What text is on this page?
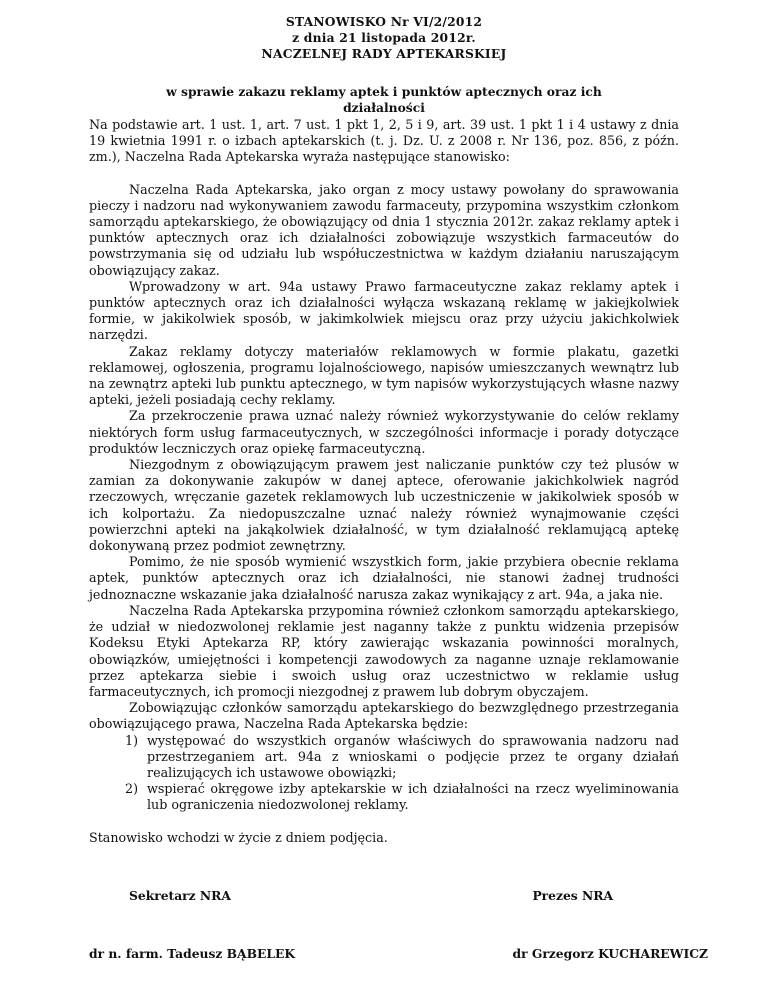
STANOWISKO Nr VI/2/2012
z dnia 21 listopada 2012r.
NACZELNEJ RADY APTEKARSKIEJ
w sprawie zakazu reklamy aptek i punktów aptecznych oraz ich działalności
Na podstawie art. 1 ust. 1, art. 7 ust. 1 pkt 1, 2, 5 i 9, art. 39 ust. 1 pkt 1 i 4 ustawy z dnia 19 kwietnia 1991 r. o izbach aptekarskich (t. j. Dz. U. z 2008 r. Nr 136, poz. 856, z późn. zm.), Naczelna Rada Aptekarska wyraża następujące stanowisko:
Naczelna Rada Aptekarska, jako organ z mocy ustawy powołany do sprawowania pieczy i nadzoru nad wykonywaniem zawodu farmaceuty, przypomina wszystkim członkom samorządu aptekarskiego, że obowiązujący od dnia 1 stycznia 2012r. zakaz reklamy aptek i punktów aptecznych oraz ich działalności zobowiązuje wszystkich farmaceutów do powstrzymania się od udziału lub współuczestnictwa w każdym działaniu naruszającym obowiązujący zakaz.
Wprowadzony w art. 94a ustawy Prawo farmaceutyczne zakaz reklamy aptek i punktów aptecznych oraz ich działalności wyłącza wskazaną reklamę w jakiejkolwiek formie, w jakikolwiek sposób, w jakimkolwiek miejscu oraz przy użyciu jakichkolwiek narzędzi.
Zakaz reklamy dotyczy materiałów reklamowych w formie plakatu, gazetki reklamowej, ogłoszenia, programu lojalnościowego, napisów umieszczanych wewnątrz lub na zewnątrz apteki lub punktu aptecznego, w tym napisów wykorzystujących własne nazwy apteki, jeżeli posiadają cechy reklamy.
Za przekroczenie prawa uznać należy również wykorzystywanie do celów reklamy niektórych form usług farmaceutycznych, w szczególności informacje i porady dotyczące produktów leczniczych oraz opiekę farmaceutyczną.
Niezgodnym z obowiązującym prawem jest naliczanie punktów czy też plusów w zamian za dokonywanie zakupów w danej aptece, oferowanie jakichkolwiek nagród rzeczowych, wręczanie gazetek reklamowych lub uczestniczenie w jakikolwiek sposób w ich kolportażu. Za niedopuszczalne uznać należy również wynajmowanie części powierzchni apteki na jakąkolwiek działalność, w tym działalność reklamującą aptekę dokonywaną przez podmiot zewnętrzny.
Pomimo, że nie sposób wymienić wszystkich form, jakie przybiera obecnie reklama aptek, punktów aptecznych oraz ich działalności, nie stanowi żadnej trudności jednoznaczne wskazanie jaka działalność narusza zakaz wynikający z art. 94a, a jaka nie.
Naczelna Rada Aptekarska przypomina również członkom samorządu aptekarskiego, że udział w niedozwolonej reklamie jest naganny także z punktu widzenia przepisów Kodeksu Etyki Aptekarza RP, który zawierając wskazania powinności moralnych, obowiązków, umiejętności i kompetencji zawodowych za naganne uznaje reklamowanie przez aptekarza siebie i swoich usług oraz uczestnictwo w reklamie usług farmaceutycznych, ich promocji niezgodnej z prawem lub dobrym obyczajem.
Zobowiązując członków samorządu aptekarskiego do bezwzględnego przestrzegania obowiązującego prawa, Naczelna Rada Aptekarska będzie:
1) występować do wszystkich organów właściwych do sprawowania nadzoru nad przestrzeganiem art. 94a z wnioskami o podjęcie przez te organy działań realizujących ich ustawowe obowiązki;
2) wspierać okręgowe izby aptekarskie w ich działalności na rzecz wyeliminowania lub ograniczenia niedozwolonej reklamy.
Stanowisko wchodzi w życie z dniem podjęcia.
Sekretarz NRA	Prezes NRA
dr n. farm. Tadeusz BĄBELEK	dr Grzegorz KUCHAREWICZ
